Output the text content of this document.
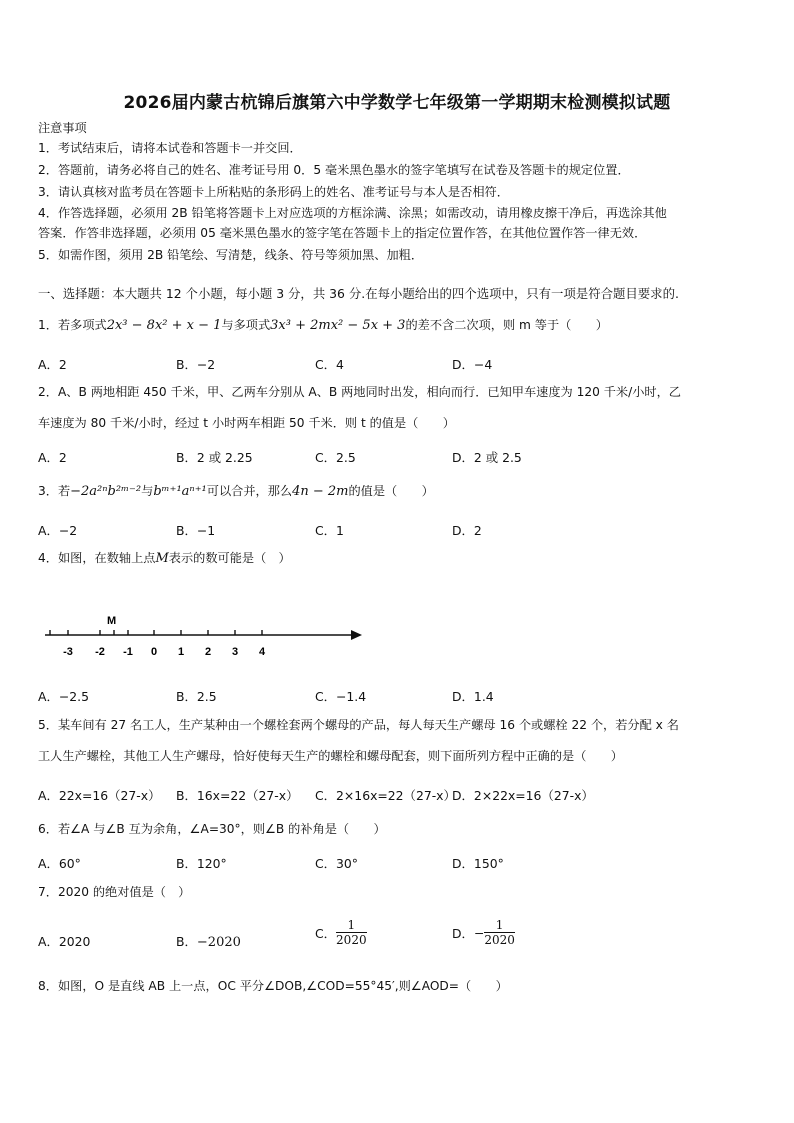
2026届内蒙古杭锦后旗第六中学数学七年级第一学期期末检测模拟试题
注意事项
1．考试结束后，请将本试卷和答题卡一并交回．
2．答题前，请务必将自己的姓名、准考证号用 0．5 毫米黑色墨水的签字笔填写在试卷及答题卡的规定位置．
3．请认真核对监考员在答题卡上所粘贴的条形码上的姓名、准考证号与本人是否相符．
4．作答选择题，必须用 2B 铅笔将答题卡上对应选项的方框涂满、涂黑；如需改动，请用橡皮擦干净后，再选涂其他
答案．作答非选择题，必须用 05 毫米黑色墨水的签字笔在答题卡上的指定位置作答，在其他位置作答一律无效．
5．如需作图，须用 2B 铅笔绘、写清楚，线条、符号等须加黑、加粗．
一、选择题：本大题共 12 个小题，每小题 3 分，共 36 分.在每小题给出的四个选项中，只有一项是符合题目要求的.
1．若多项式2x³ − 8x² + x − 1与多项式3x³ + 2mx² − 5x + 3的差不含二次项，则 m 等于（　　）
A．2	B．−2	C．4	D．−4
2．A、B 两地相距 450 千米，甲、乙两车分别从 A、B 两地同时出发，相向而行．已知甲车速度为 120 千米/小时，乙
车速度为 80 千米/小时，经过 t 小时两车相距 50 千米．则 t 的值是（　　）
A．2	B．2 或 2.25	C．2.5	D．2 或 2.5
3．若−2a²ⁿb²ᵐ⁻²与bᵐ⁺¹aⁿ⁺¹可以合并，那么4n − 2m的值是（　　）
A．−2	B．−1	C．1	D．2
4．如图，在数轴上点M表示的数可能是（　）
-3 -2 -1 0 1 2 3 4
M
A．−2.5	B．2.5	C．−1.4	D．1.4
5．某车间有 27 名工人，生产某种由一个螺栓套两个螺母的产品，每人每天生产螺母 16 个或螺栓 22 个，若分配 x 名
工人生产螺栓，其他工人生产螺母，恰好使每天生产的螺栓和螺母配套，则下面所列方程中正确的是（　　）
A．22x=16（27-x） B．16x=22（27-x） C．2×16x=22（27-x）
D．2×22x=16（27-x）
6．若∠A 与∠B 互为余角，∠A=30°，则∠B 的补角是（　　）
A．60°	B．120°	C．30°	D．150°
7．2020 的绝对值是（　）
A．2020	B．−2020
C． $\frac{1}{2020}$	D．− $\frac{1}{2020}$
8．如图，O 是直线 AB 上一点，OC 平分∠DOB,∠COD=55°45′,则∠AOD=（　　）
